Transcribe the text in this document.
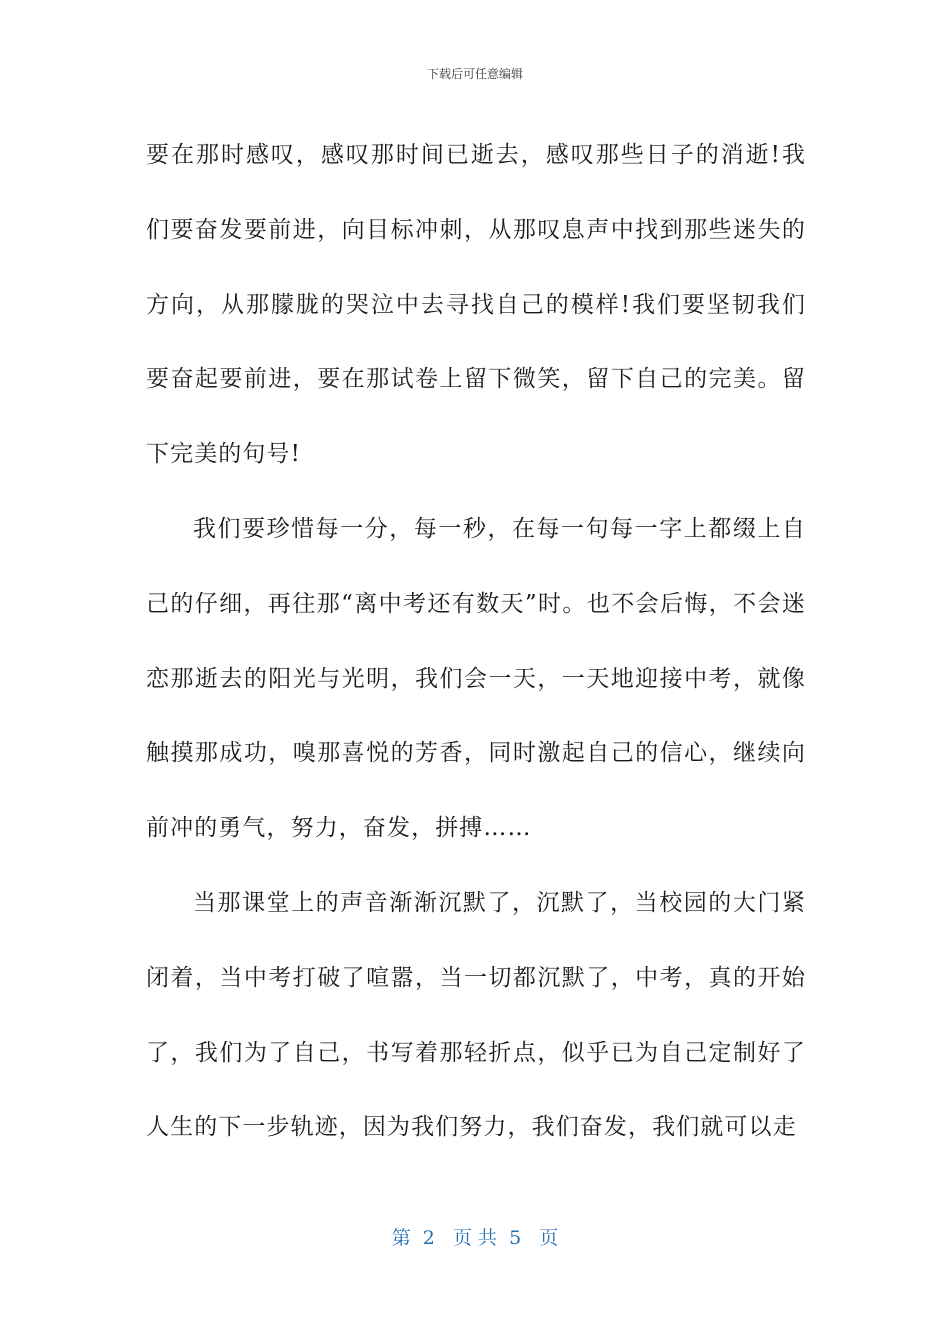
下载后可任意编辑

要在那时感叹，感叹那时间已逝去，感叹那些日子的消逝!我们要奋发要前进，向目标冲刺，从那叹息声中找到那些迷失的方向，从那朦胧的哭泣中去寻找自己的模样!我们要坚韧我们要奋起要前进，要在那试卷上留下微笑，留下自己的完美。留下完美的句号!

我们要珍惜每一分，每一秒，在每一句每一字上都缀上自己的仔细，再往那“离中考还有数天”时。也不会后悔，不会迷恋那逝去的阳光与光明，我们会一天，一天地迎接中考，就像触摸那成功，嗅那喜悦的芳香，同时激起自己的信心，继续向前冲的勇气，努力，奋发，拼搏……

当那课堂上的声音渐渐沉默了，沉默了，当校园的大门紧闭着，当中考打破了喧嚣，当一切都沉默了，中考，真的开始了，我们为了自己，书写着那轻折点，似乎已为自己定制好了人生的下一步轨迹，因为我们努力，我们奋发，我们就可以走

第  2   页 共  5   页
